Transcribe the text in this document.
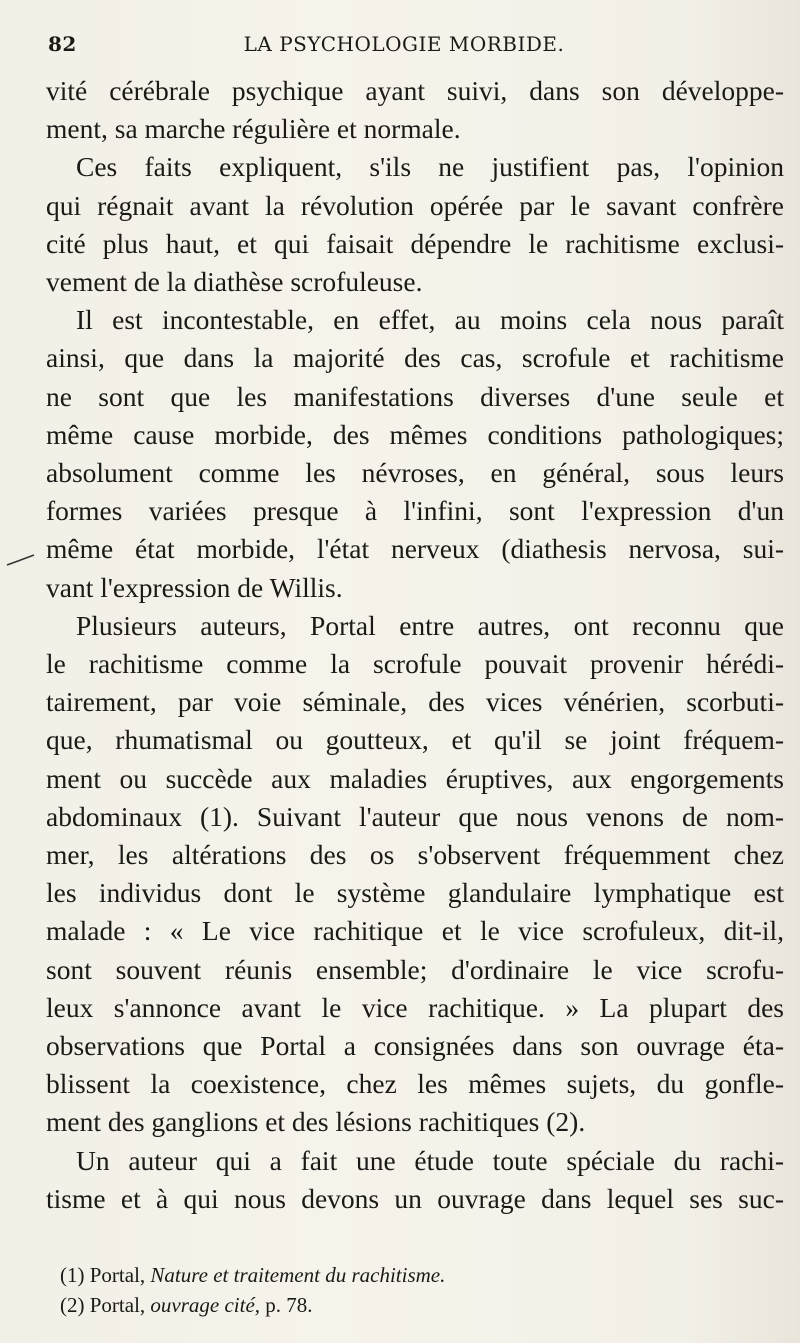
82	LA PSYCHOLOGIE MORBIDE.
vité cérébrale psychique ayant suivi, dans son développe-
ment, sa marche régulière et normale.
Ces faits expliquent, s'ils ne justifient pas, l'opinion
qui régnait avant la révolution opérée par le savant confrère
cité plus haut, et qui faisait dépendre le rachitisme exclusi-
vement de la diathèse scrofuleuse.
Il est incontestable, en effet, au moins cela nous paraît
ainsi, que dans la majorité des cas, scrofule et rachitisme
ne sont que les manifestations diverses d'une seule et
même cause morbide, des mêmes conditions pathologiques;
absolument comme les névroses, en général, sous leurs
formes variées presque à l'infini, sont l'expression d'un
même état morbide, l'état nerveux (diathesis nervosa, sui-
vant l'expression de Willis.
Plusieurs auteurs, Portal entre autres, ont reconnu que
le rachitisme comme la scrofule pouvait provenir hérédi-
tairement, par voie séminale, des vices vénérien, scorbuti-
que, rhumatismal ou goutteux, et qu'il se joint fréquem-
ment ou succède aux maladies éruptives, aux engorgements
abdominaux (1). Suivant l'auteur que nous venons de nom-
mer, les altérations des os s'observent fréquemment chez
les individus dont le système glandulaire lymphatique est
malade : « Le vice rachitique et le vice scrofuleux, dit-il,
sont souvent réunis ensemble; d'ordinaire le vice scrofu-
leux s'annonce avant le vice rachitique. » La plupart des
observations que Portal a consignées dans son ouvrage éta-
blissent la coexistence, chez les mêmes sujets, du gonfle-
ment des ganglions et des lésions rachitiques (2).
Un auteur qui a fait une étude toute spéciale du rachi-
tisme et à qui nous devons un ouvrage dans lequel ses suc-
(1) Portal, Nature et traitement du rachitisme.
(2) Portal, ouvrage cité, p. 78.
